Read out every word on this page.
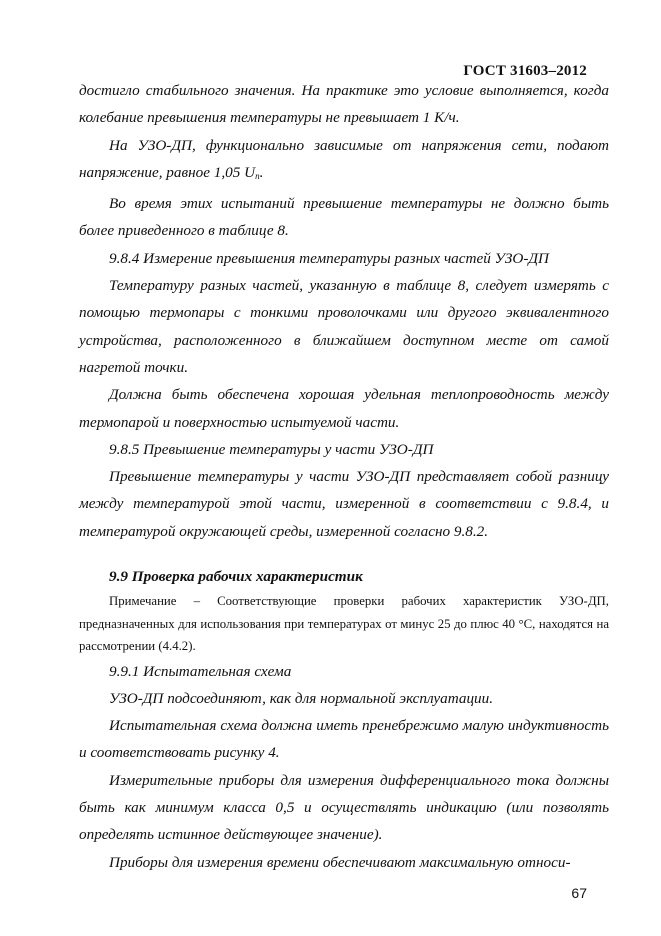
ГОСТ 31603–2012

достигло стабильного значения. На практике это условие выполняется, когда колебание превышения температуры не превышает 1 К/ч.

На УЗО-ДП, функционально зависимые от напряжения сети, подают напряжение, равное 1,05 $U_n$.

Во время этих испытаний превышение температуры не должно быть более приведенного в таблице 8.

9.8.4 Измерение превышения температуры разных частей УЗО-ДП

Температуру разных частей, указанную в таблице 8, следует измерять с помощью термопары с тонкими проволочками или другого эквивалентного устройства, расположенного в ближайшем доступном месте от самой нагретой точки.

Должна быть обеспечена хорошая удельная теплопроводность между термопарой и поверхностью испытуемой части.

9.8.5 Превышение температуры у части УЗО-ДП

Превышение температуры у части УЗО-ДП представляет собой разницу между температурой этой части, измеренной в соответствии с 9.8.4, и температурой окружающей среды, измеренной согласно 9.8.2.

9.9 Проверка рабочих характеристик

Примечание – Соответствующие проверки рабочих характеристик УЗО-ДП, предназначенных для использования при температурах от минус 25 до плюс 40 °С, находятся на рассмотрении (4.4.2).

9.9.1 Испытательная схема

УЗО-ДП подсоединяют, как для нормальной эксплуатации.

Испытательная схема должна иметь пренебрежимо малую индуктивность и соответствовать рисунку 4.

Измерительные приборы для измерения дифференциального тока должны быть как минимум класса 0,5 и осуществлять индикацию (или позволять определять истинное действующее значение).

Приборы для измерения времени обеспечивают максимальную относи-

67
